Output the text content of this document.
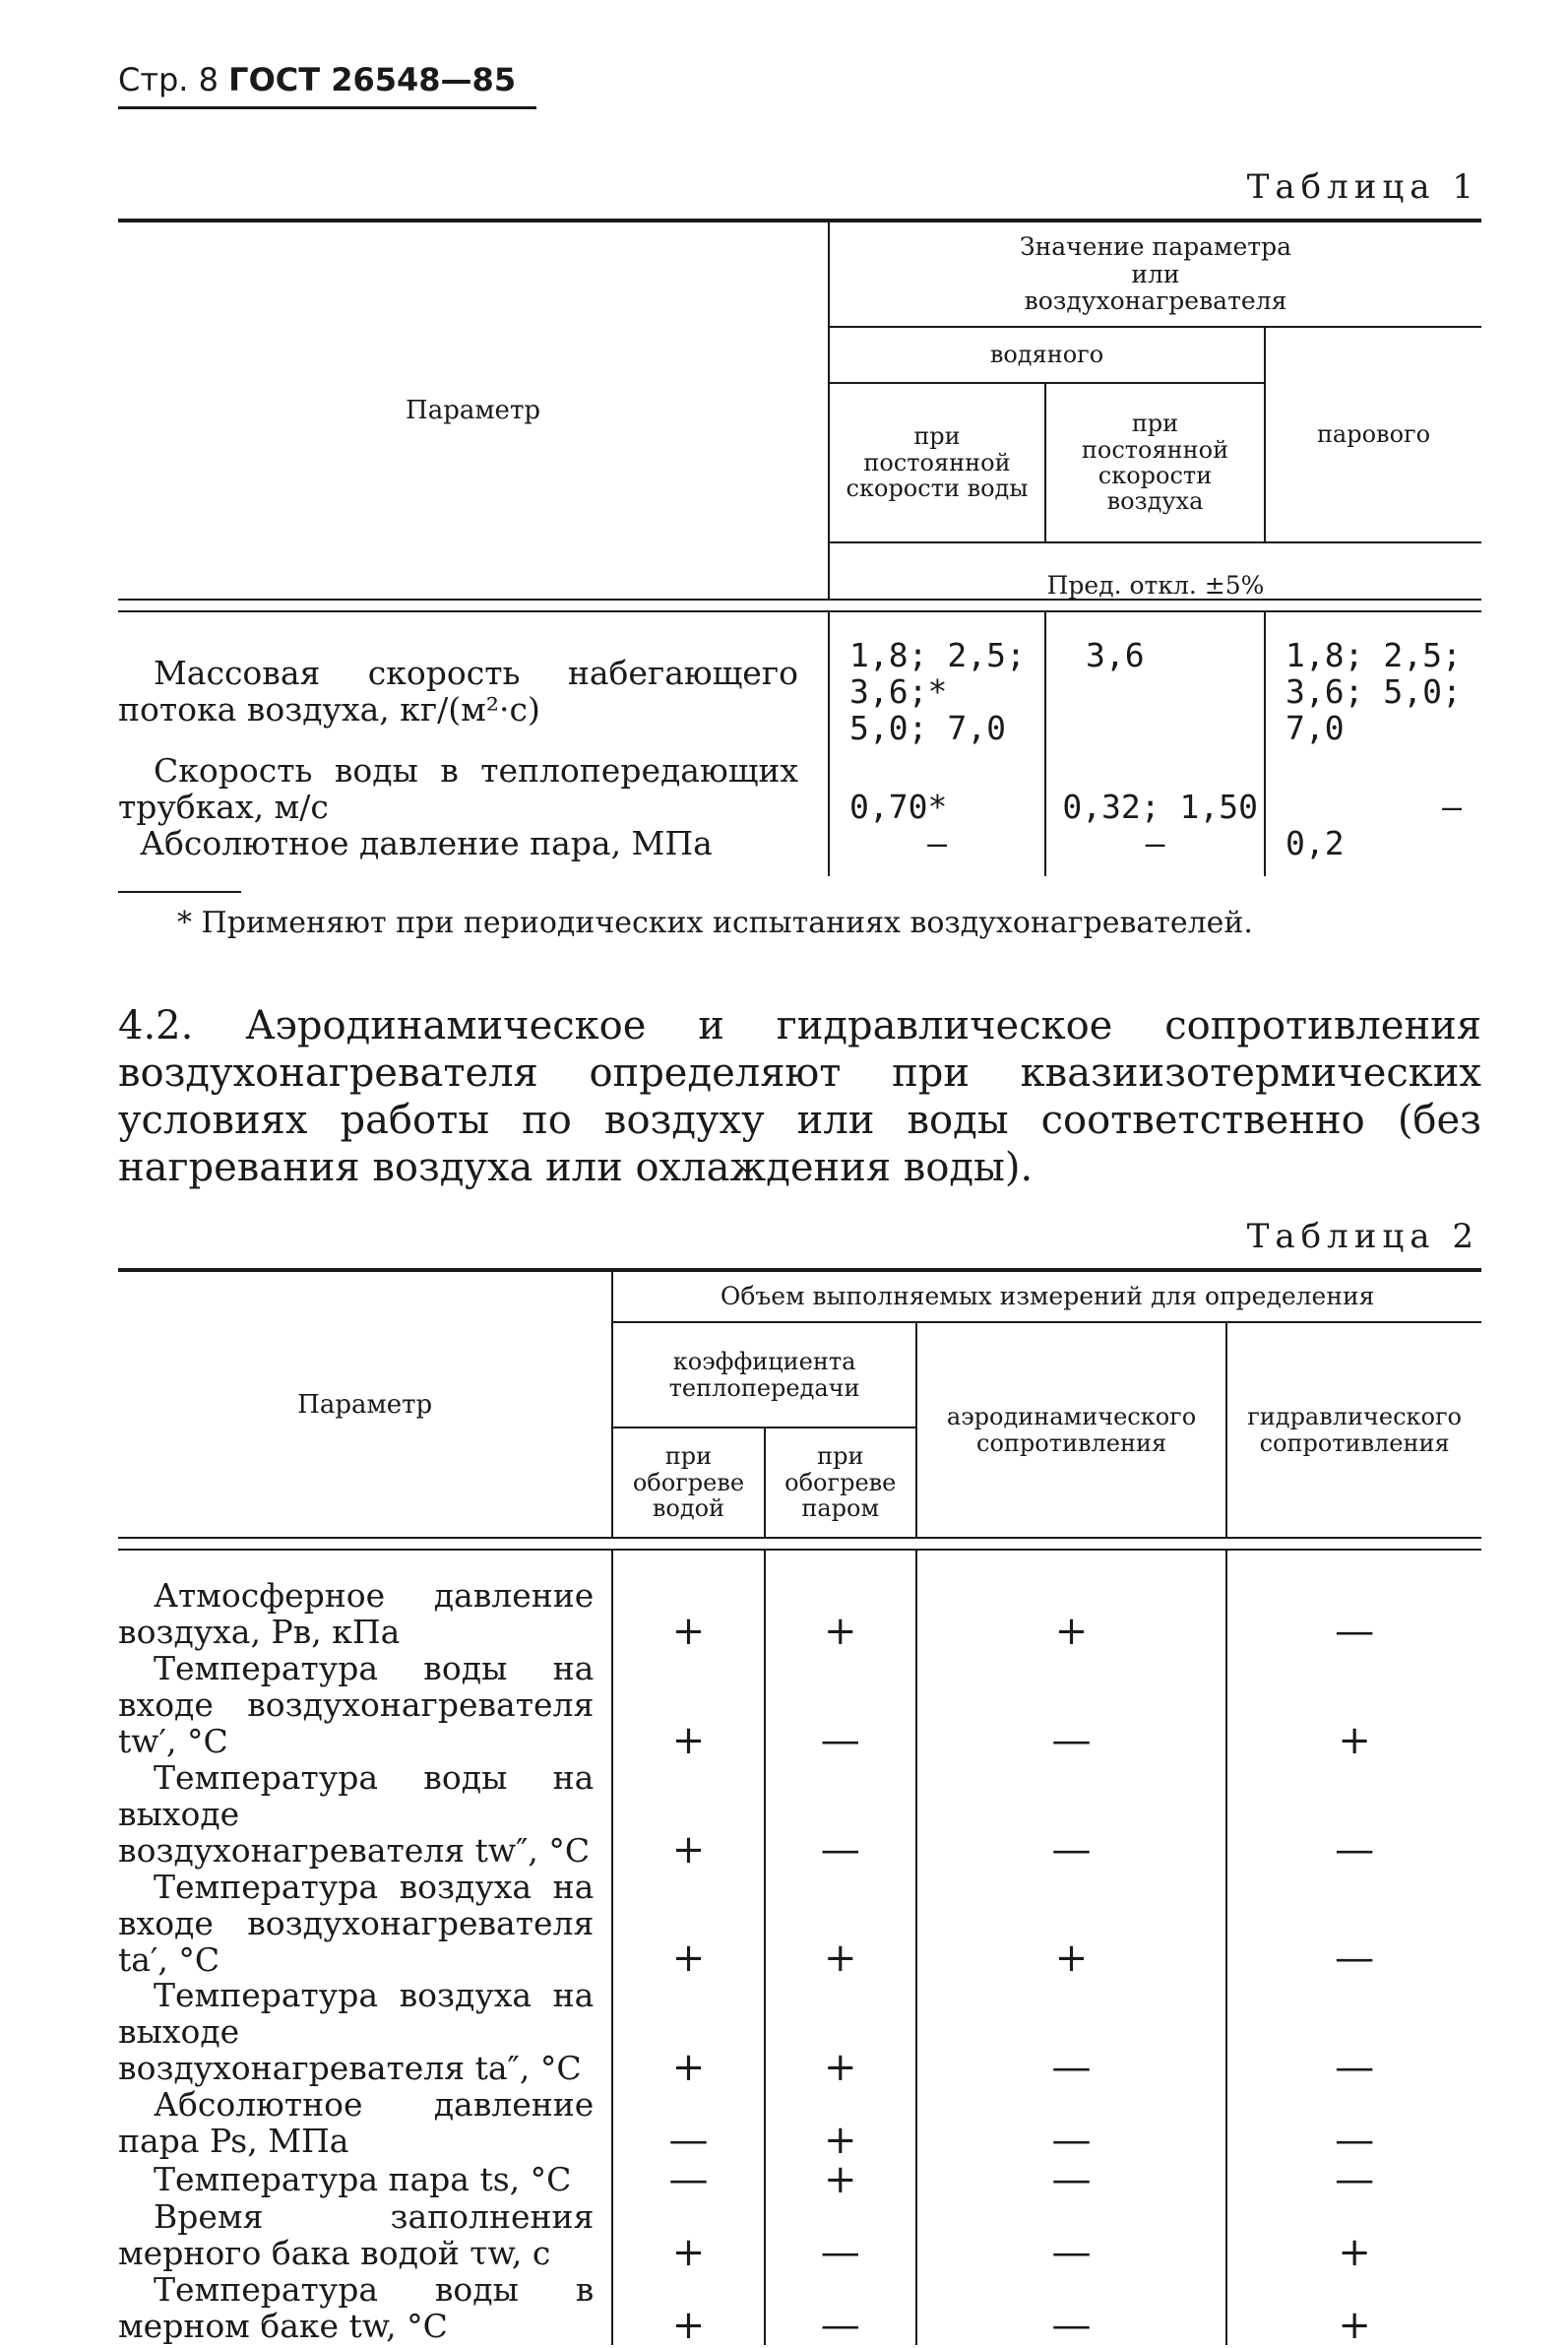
Стр. 8 ГОСТ 26548—85
Таблица 1
Параметр	Значение параметра или воздухонагревателя		
	водяного		парового
	при постоянной скорости воды	при постоянной скорости воздуха	
	Пред. откл. ±5%		

Массовая скорость набегающего потока воздуха, кг/(м²·с)	1,8; 2,5; 3,6;* 5,0; 7,0	3,6	1,8; 2,5; 3,6; 5,0; 7,0
Скорость воды в теплопередающих трубках, м/с	0,70*	0,32; 1,50	—
Абсолютное давление пара, МПа	—	—	0,2
* Применяют при периодических испытаниях воздухонагревателей.
4.2. Аэродинамическое и гидравлическое сопротивления воздухонагревателя определяют при квазиизотермических условиях работы по воздуху или воды соответственно (без нагревания воздуха или охлаждения воды).
Таблица 2
Параметр	Объем выполняемых измерений для определения			
	коэффициента теплопередачи		аэродинамического сопротивления	гидравлического сопротивления
	при обогреве водой	при обогреве паром		

Атмосферное давление воздуха, Pв, кПа	+	+	+	—
Температура воды на входе воздухонагревателя tw′, °С	+	—	—	+
Температура воды на выходе воздухонагревателя tw″, °С	+	—	—	—
Температура воздуха на входе воздухонагревателя ta′, °С	+	+	+	—
Температура воздуха на выходе воздухонагревателя ta″, °С	+	+	—	—
Абсолютное давление пара Ps, МПа	—	+	—	—
Температура пара ts, °С	—	+	—	—
Время заполнения мерного бака водой τw, с	+	—	—	+
Температура воды в мерном баке tw, °С	+	—	—	+
